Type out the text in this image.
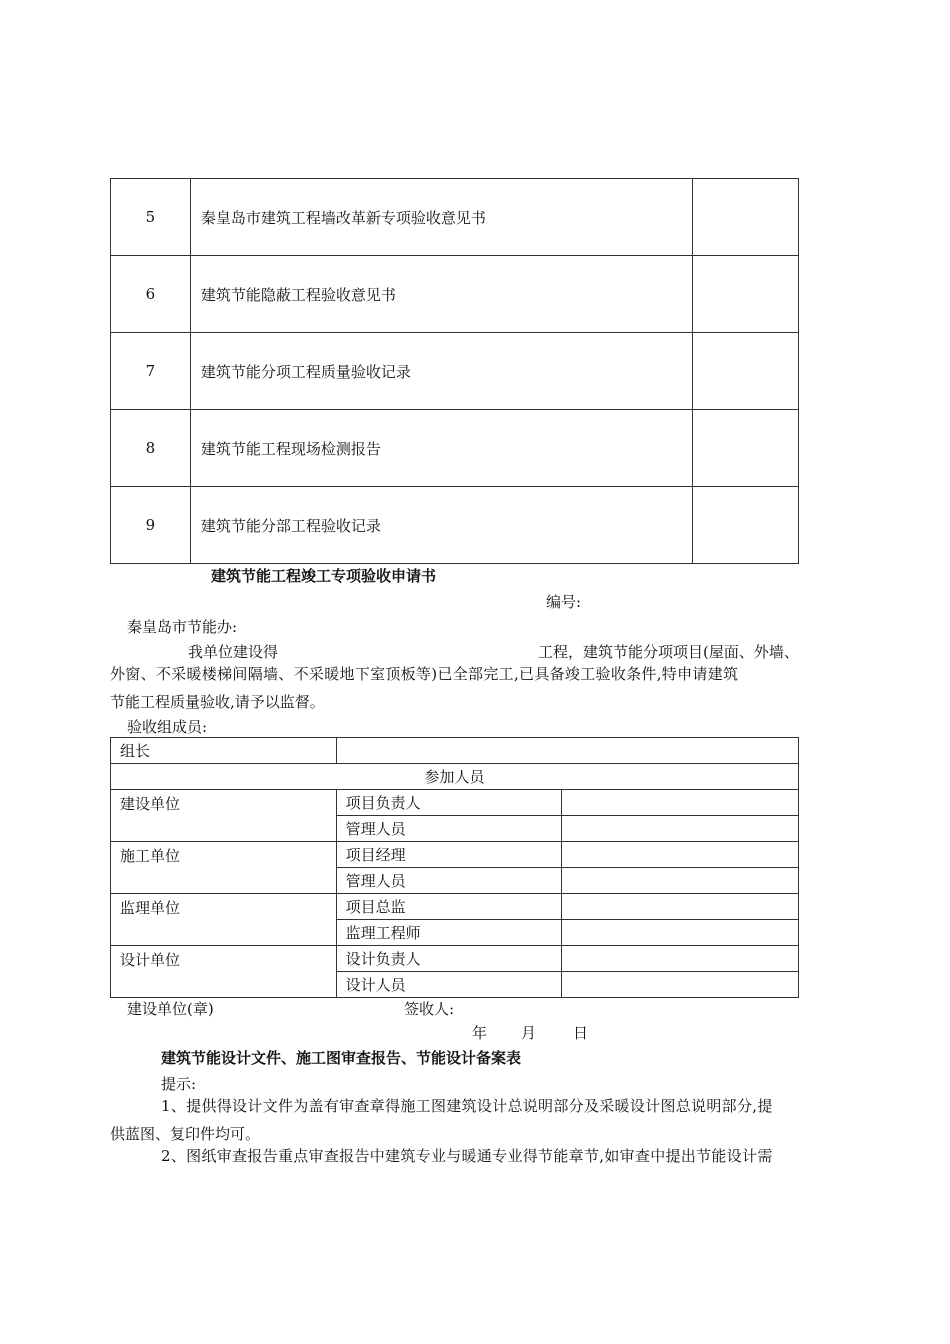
5	秦皇岛市建筑工程墙改革新专项验收意见书	
6	建筑节能隐蔽工程验收意见书	
7	建筑节能分项工程质量验收记录	
8	建筑节能工程现场检测报告	
9	建筑节能分部工程验收记录	
建筑节能工程竣工专项验收申请书
编号:
秦皇岛市节能办:
我单位建设得	工程，建筑节能分项项目(屋面、外墙、
外窗、不采暖楼梯间隔墙、不采暖地下室顶板等)已全部完工,已具备竣工验收条件,特申请建筑
节能工程质量验收,请予以监督。
验收组成员:
组长		
参加人员		
建设单位	项目负责人	
	管理人员	
施工单位	项目经理	
	管理人员	
监理单位	项目总监	
	监理工程师	
设计单位	设计负责人	
	设计人员	
建设单位(章)	签收人:
年 月 日
建筑节能设计文件、施工图审查报告、节能设计备案表
提示:
1、提供得设计文件为盖有审查章得施工图建筑设计总说明部分及采暖设计图总说明部分,提
供蓝图、复印件均可。
2、图纸审查报告重点审查报告中建筑专业与暖通专业得节能章节,如审查中提出节能设计需
